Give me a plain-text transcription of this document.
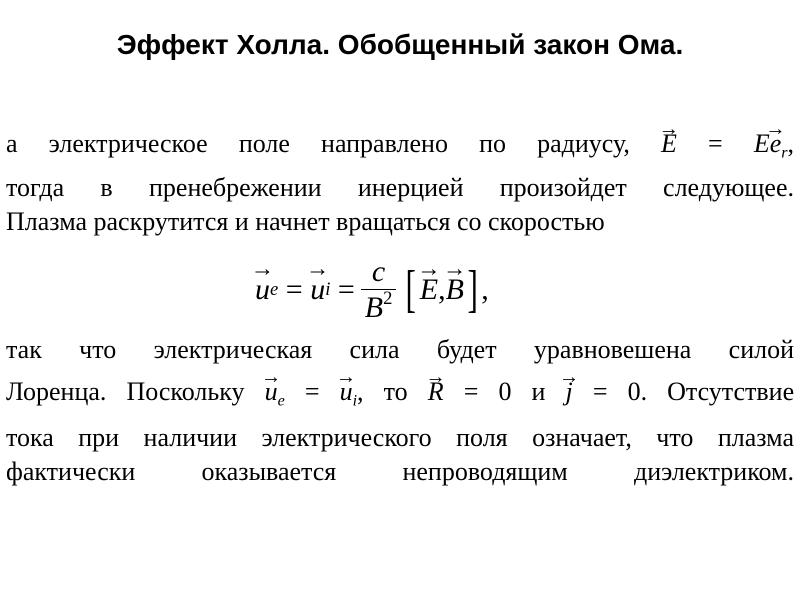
Эффект Холла. Обобщенный закон Ома.
а электрическое поле направлено по радиусу, → $E = E\to e_r$,
тогда в пренебрежении инерцией произойдет следующее.
Плазма раскрутится и начнет вращаться со скоростью
→ u e
=
→ u i
= $\frac{c}{B^2}$ [ → E , → B ] ,
так что электрическая сила будет уравновешена силой
Лоренца. Поскольку → $u_e$ = → $u_i$, то → R = 0 и → j = 0. Отсутствие
тока при наличии электрического поля означает, что плазма
фактически оказывается непроводящим диэлектриком.
